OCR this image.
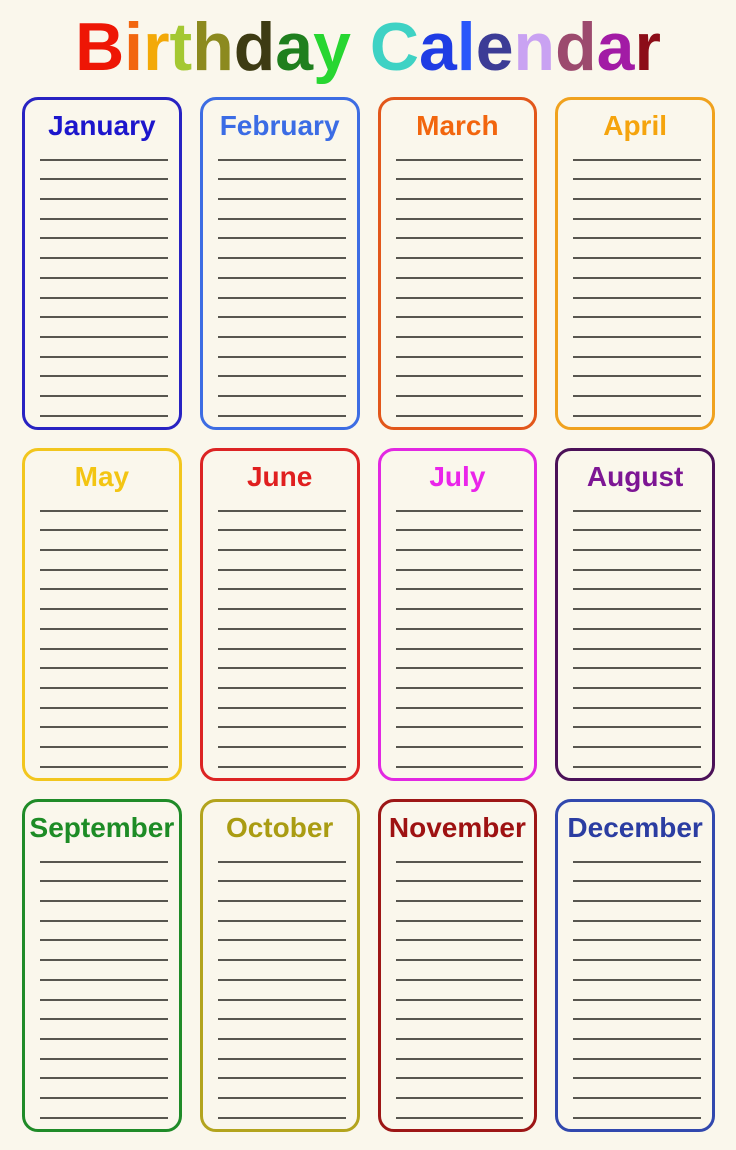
Birthday Calendar
January	February	March	April
May	June	July	August
September	October	November	December
